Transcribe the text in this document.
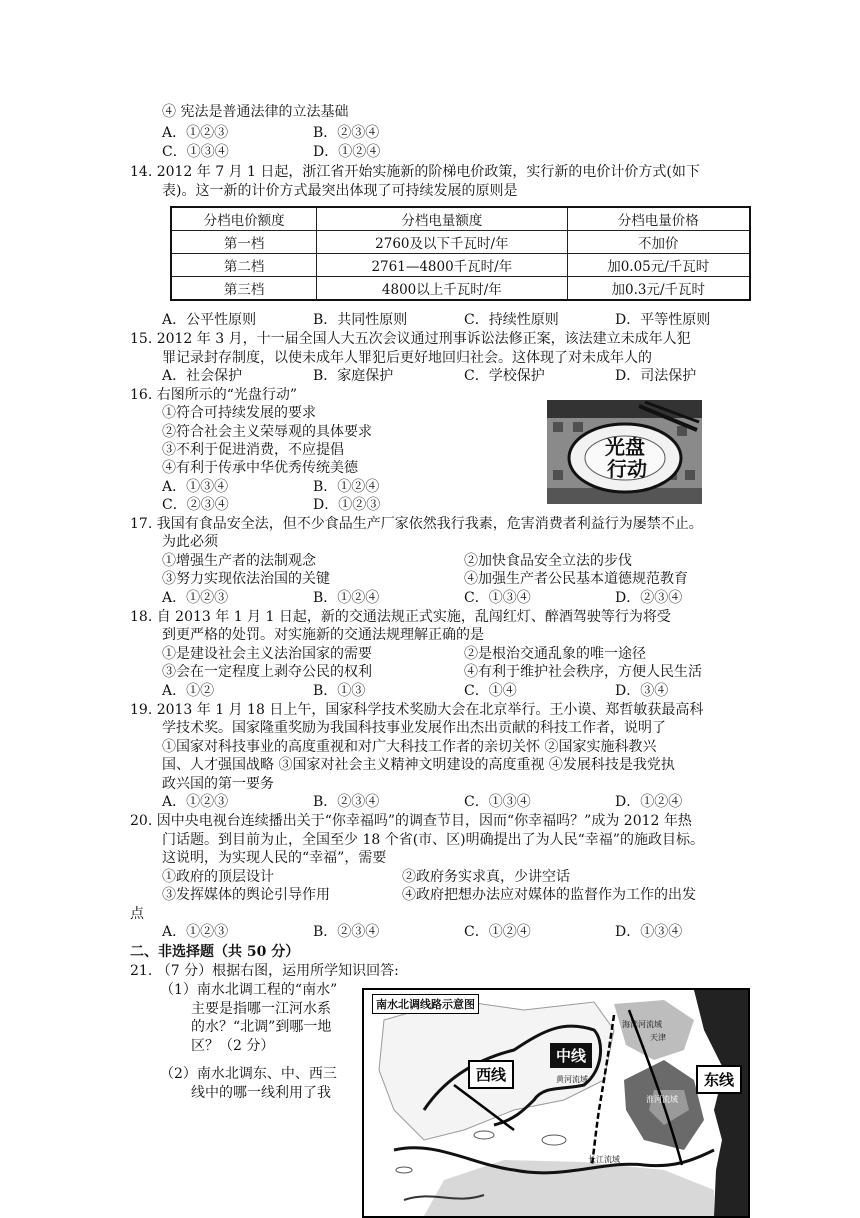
④ 宪法是普通法律的立法基础
A．①②③	B．②③④
C．①③④	D．①②④
14. 2012 年 7 月 1 日起，浙江省开始实施新的阶梯电价政策，实行新的电价计价方式(如下
表)。这一新的计价方式最突出体现了可持续发展的原则是
分档电价额度	分档电量额度	分档电量价格
第一档	2760及以下千瓦时/年	不加价
第二档	2761—4800千瓦时/年	加0.05元/千瓦时
第三档	4800以上千瓦时/年	加0.3元/千瓦时
A．公平性原则	B．共同性原则	C．持续性原则	D．平等性原则
15. 2012 年 3 月，十一届全国人大五次会议通过刑事诉讼法修正案，该法建立未成年人犯
罪记录封存制度，以使未成年人罪犯后更好地回归社会。这体现了对未成年人的
A．社会保护	B．家庭保护	C．学校保护	D．司法保护
16. 右图所示的“光盘行动”
①符合可持续发展的要求
②符合社会主义荣辱观的具体要求
③不利于促进消费，不应提倡
④有利于传承中华优秀传统美德
A．①③④	B．①②④
C．②③④	D．①②③
光盘
行动
17. 我国有食品安全法，但不少食品生产厂家依然我行我素，危害消费者利益行为屡禁不止。
为此必须
①增强生产者的法制观念	②加快食品安全立法的步伐
③努力实现依法治国的关键	④加强生产者公民基本道德规范教育
A．①②③	B．①②④	C．①③④	D．②③④
18. 自 2013 年 1 月 1 日起，新的交通法规正式实施，乱闯红灯、醉酒驾驶等行为将受
到更严格的处罚。对实施新的交通法规理解正确的是
①是建设社会主义法治国家的需要	②是根治交通乱象的唯一途径
③会在一定程度上剥夺公民的权利	④有利于维护社会秩序，方便人民生活
A．①②	B．①③	C．①④	D．③④
19. 2013 年 1 月 18 日上午，国家科学技术奖励大会在北京举行。王小谟、郑哲敏获最高科
学技术奖。国家隆重奖励为我国科技事业发展作出杰出贡献的科技工作者，说明了
①国家对科技事业的高度重视和对广大科技工作者的亲切关怀 ②国家实施科教兴
国、人才强国战略 ③国家对社会主义精神文明建设的高度重视 ④发展科技是我党执
政兴国的第一要务
A．①②③	B．②③④	C．①③④	D．①②④
20. 因中央电视台连续播出关于“你幸福吗”的调查节目，因而“你幸福吗？”成为 2012 年热
门话题。到目前为止，全国至少 18 个省(市、区)明确提出了为人民“幸福”的施政目标。
这说明，为实现人民的“幸福”，需要
①政府的顶层设计	②政府务实求真，少讲空话
③发挥媒体的舆论引导作用	④政府把想办法应对媒体的监督作为工作的出发
点
A．①②③	B．②③④	C．①②④	D．①③④
二、非选择题（共 50 分）
21. （7 分）根据右图，运用所学知识回答:
（1）南水北调工程的“南水”
主要是指哪一江河水系
的水？“北调”到哪一地
区？（2 分）
（2）南水北调东、中、西三
线中的哪一线利用了我
南水北调线路示意图
西线
中线
东线
海滦河流域
天津
黄河流域
淮河流域
长江流域
